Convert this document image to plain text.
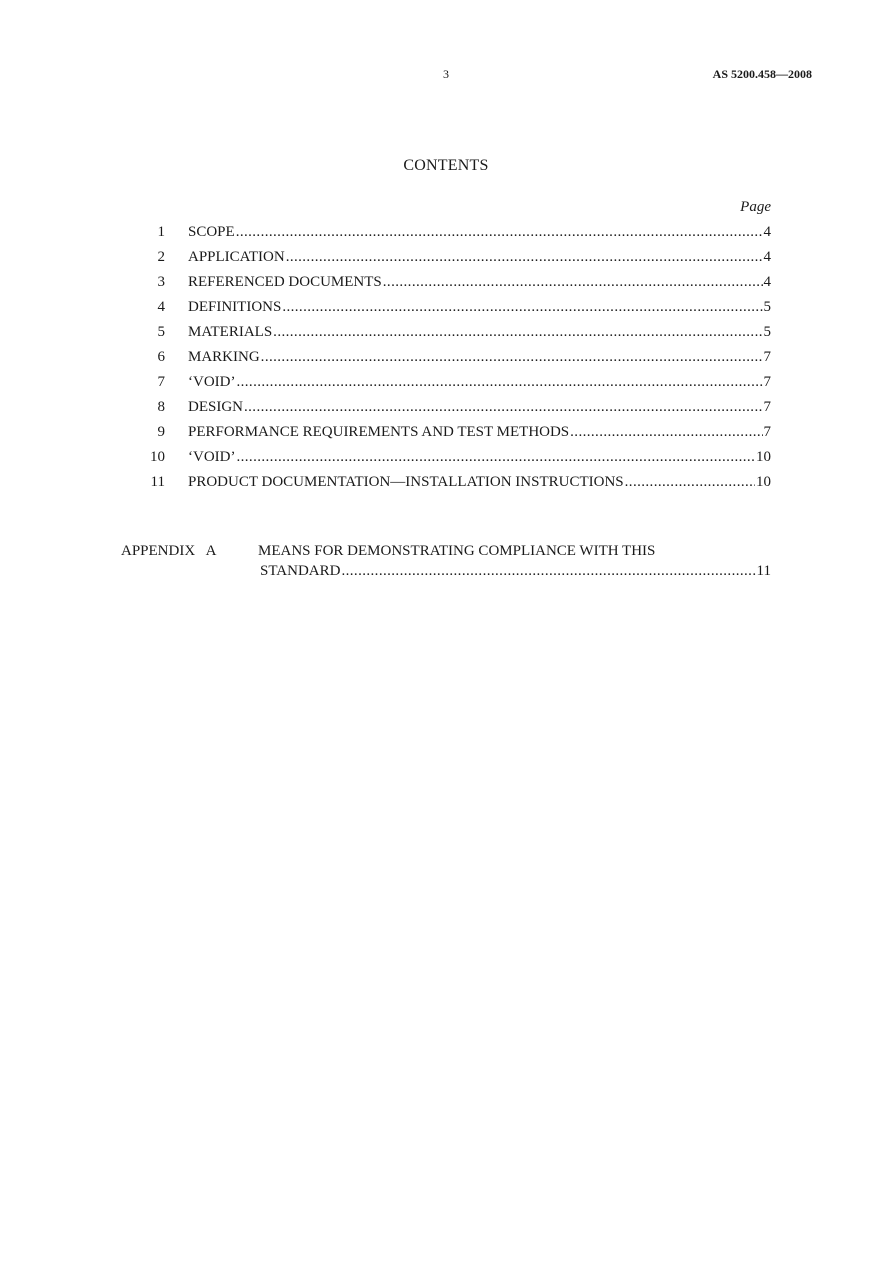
3	AS 5200.458—2008
CONTENTS
Page
1 SCOPE .....	4
2 APPLICATION .....	4
3 REFERENCED DOCUMENTS .....	4
4 DEFINITIONS .....	5
5 MATERIALS .....	5
6 MARKING .....	7
7 ‘VOID’ .....	7
8 DESIGN .....	7
9 PERFORMANCE REQUIREMENTS AND TEST METHODS .....	7
10 ‘VOID’ .....	10
11 PRODUCT DOCUMENTATION—INSTALLATION INSTRUCTIONS .....	10
APPENDIX   A	MEANS FOR DEMONSTRATING COMPLIANCE WITH THIS
STANDARD .....	11
